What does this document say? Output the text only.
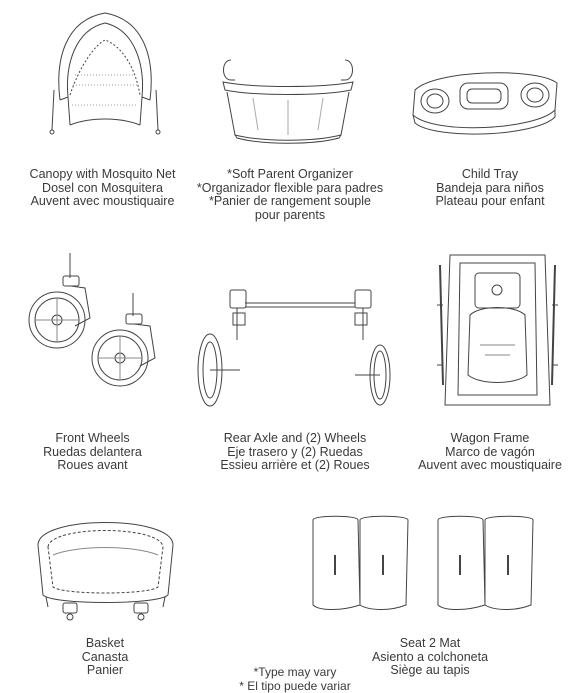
Canopy with Mosquito Net
Dosel con Mosquitera
Auvent avec moustiquaire
*Soft Parent Organizer
*Organizador flexible para padres
*Panier de rangement souple
pour parents
Child Tray
Bandeja para niños
Plateau pour enfant
Front Wheels
Ruedas delantera
Roues avant
Rear Axle and (2) Wheels
Eje trasero y (2) Ruedas
Essieu arrière et (2) Roues
Wagon Frame
Marco de vagón
Auvent avec moustiquaire
Basket
Canasta
Panier
Seat 2 Mat
Asiento a colchoneta
Siège au tapis
*Type may vary
* El tipo puede variar
